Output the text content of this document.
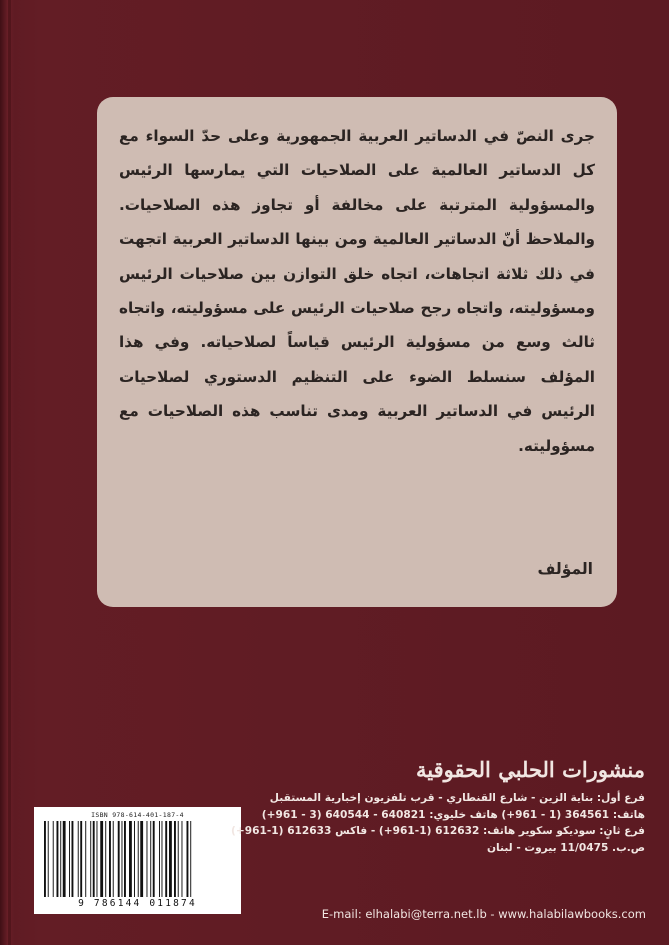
جرى النصّ في الدساتير العربية الجمهورية وعلى حدّ السواء مع كل الدساتير العالمية على الصلاحيات التي يمارسها الرئيس والمسؤولية المترتبة على مخالفة أو تجاوز هذه الصلاحيات. والملاحظ أنّ الدساتير العالمية ومن بينها الدساتير العربية اتجهت في ذلك ثلاثة اتجاهات، اتجاه خلق التوازن بين صلاحيات الرئيس ومسؤوليته، واتجاه رجح صلاحيات الرئيس على مسؤوليته، واتجاه ثالث وسع من مسؤولية الرئيس قياساً لصلاحياته. وفي هذا المؤلف سنسلط الضوء على التنظيم الدستوري لصلاحيات الرئيس في الدساتير العربية ومدى تناسب هذه الصلاحيات مع مسؤوليته.

المؤلف
ISBN 978-614-401-187-4
9 786144 011874
منشورات الحلبي الحقوقية
فرع أول: بناية الزين - شارع القنطاري - قرب تلفزيون إخبارية المستقبل
هاتف: 364561 (1 - 961+) هاتف خليوي: 640821 - 640544 (3 - 961+)
فرع ثانٍ: سوديكو سكوير هاتف: 612632 (1-961+) - فاكس 612633 (1-961+)
ص.ب. 11/0475 بيروت - لبنان
E-mail: elhalabi@terra.net.lb - www.halabilawbooks.com
